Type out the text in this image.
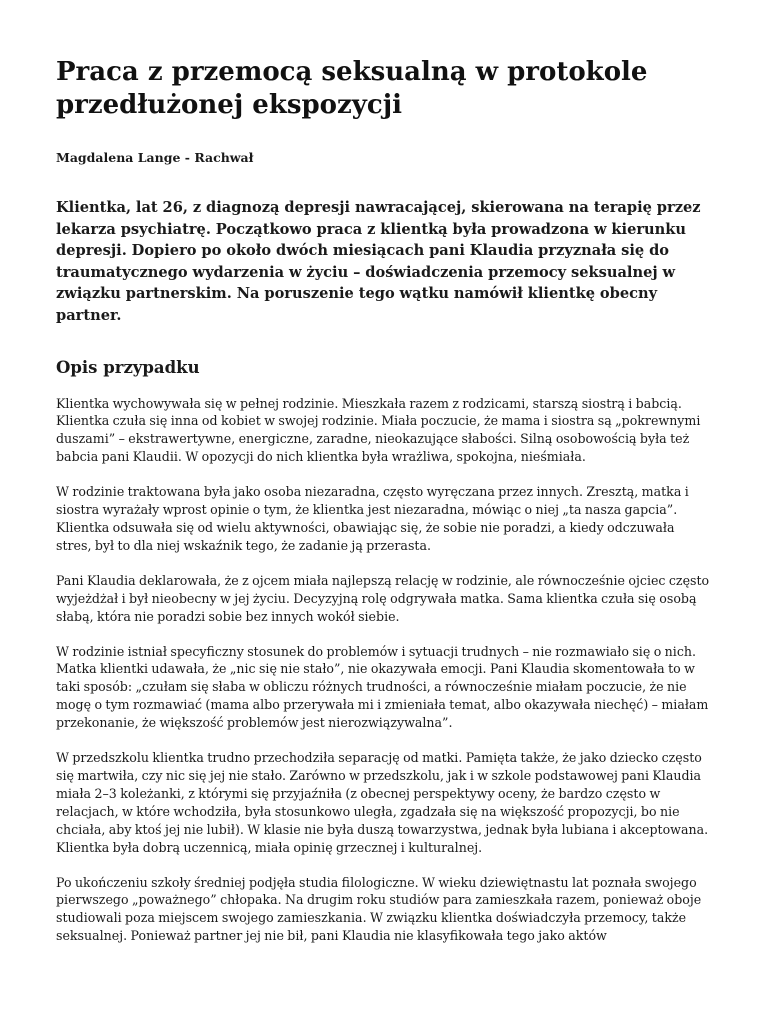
Praca z przemocą seksualną w protokole przedłużonej ekspozycji

Magdalena Lange - Rachwał

Klientka, lat 26, z diagnozą depresji nawracającej, skierowana na terapię przez lekarza psychiatrę. Początkowo praca z klientką była prowadzona w kierunku depresji. Dopiero po około dwóch miesiącach pani Klaudia przyznała się do traumatycznego wydarzenia w życiu – doświadczenia przemocy seksualnej w związku partnerskim. Na poruszenie tego wątku namówił klientkę obecny partner.

Opis przypadku

Klientka wychowywała się w pełnej rodzinie. Mieszkała razem z rodzicami, starszą siostrą i babcią. Klientka czuła się inna od kobiet w swojej rodzinie. Miała poczucie, że mama i siostra są „pokrewnymi duszami” – ekstrawertywne, energiczne, zaradne, nieokazujące słabości. Silną osobowością była też babcia pani Klaudii. W opozycji do nich klientka była wrażliwa, spokojna, nieśmiała.

W rodzinie traktowana była jako osoba niezaradna, często wyręczana przez innych. Zresztą, matka i siostra wyrażały wprost opinie o tym, że klientka jest niezaradna, mówiąc o niej „ta nasza gapcia”. Klientka odsuwała się od wielu aktywności, obawiając się, że sobie nie poradzi, a kiedy odczuwała stres, był to dla niej wskaźnik tego, że zadanie ją przerasta.

Pani Klaudia deklarowała, że z ojcem miała najlepszą relację w rodzinie, ale równocześnie ojciec często wyjeżdżał i był nieobecny w jej życiu. Decyzyjną rolę odgrywała matka. Sama klientka czuła się osobą słabą, która nie poradzi sobie bez innych wokół siebie.

W rodzinie istniał specyficzny stosunek do problemów i sytuacji trudnych – nie rozmawiało się o nich. Matka klientki udawała, że „nic się nie stało”, nie okazywała emocji. Pani Klaudia skomentowała to w taki sposób: „czułam się słaba w obliczu różnych trudności, a równocześnie miałam poczucie, że nie mogę o tym rozmawiać (mama albo przerywała mi i zmieniała temat, albo okazywała niechęć) – miałam przekonanie, że większość problemów jest nierozwiązywalna”.

W przedszkolu klientka trudno przechodziła separację od matki. Pamięta także, że jako dziecko często się martwiła, czy nic się jej nie stało. Zarówno w przedszkolu, jak i w szkole podstawowej pani Klaudia miała 2–3 koleżanki, z którymi się przyjaźniła (z obecnej perspektywy oceny, że bardzo często w relacjach, w które wchodziła, była stosunkowo uległa, zgadzała się na większość propozycji, bo nie chciała, aby ktoś jej nie lubił). W klasie nie była duszą towarzystwa, jednak była lubiana i akceptowana. Klientka była dobrą uczennicą, miała opinię grzecznej i kulturalnej.

Po ukończeniu szkoły średniej podjęła studia filologiczne. W wieku dziewiętnastu lat poznała swojego pierwszego „poważnego” chłopaka. Na drugim roku studiów para zamieszkała razem, ponieważ oboje studiowali poza miejscem swojego zamieszkania. W związku klientka doświadczyła przemocy, także seksualnej. Ponieważ partner jej nie bił, pani Klaudia nie klasyfikowała tego jako aktów
